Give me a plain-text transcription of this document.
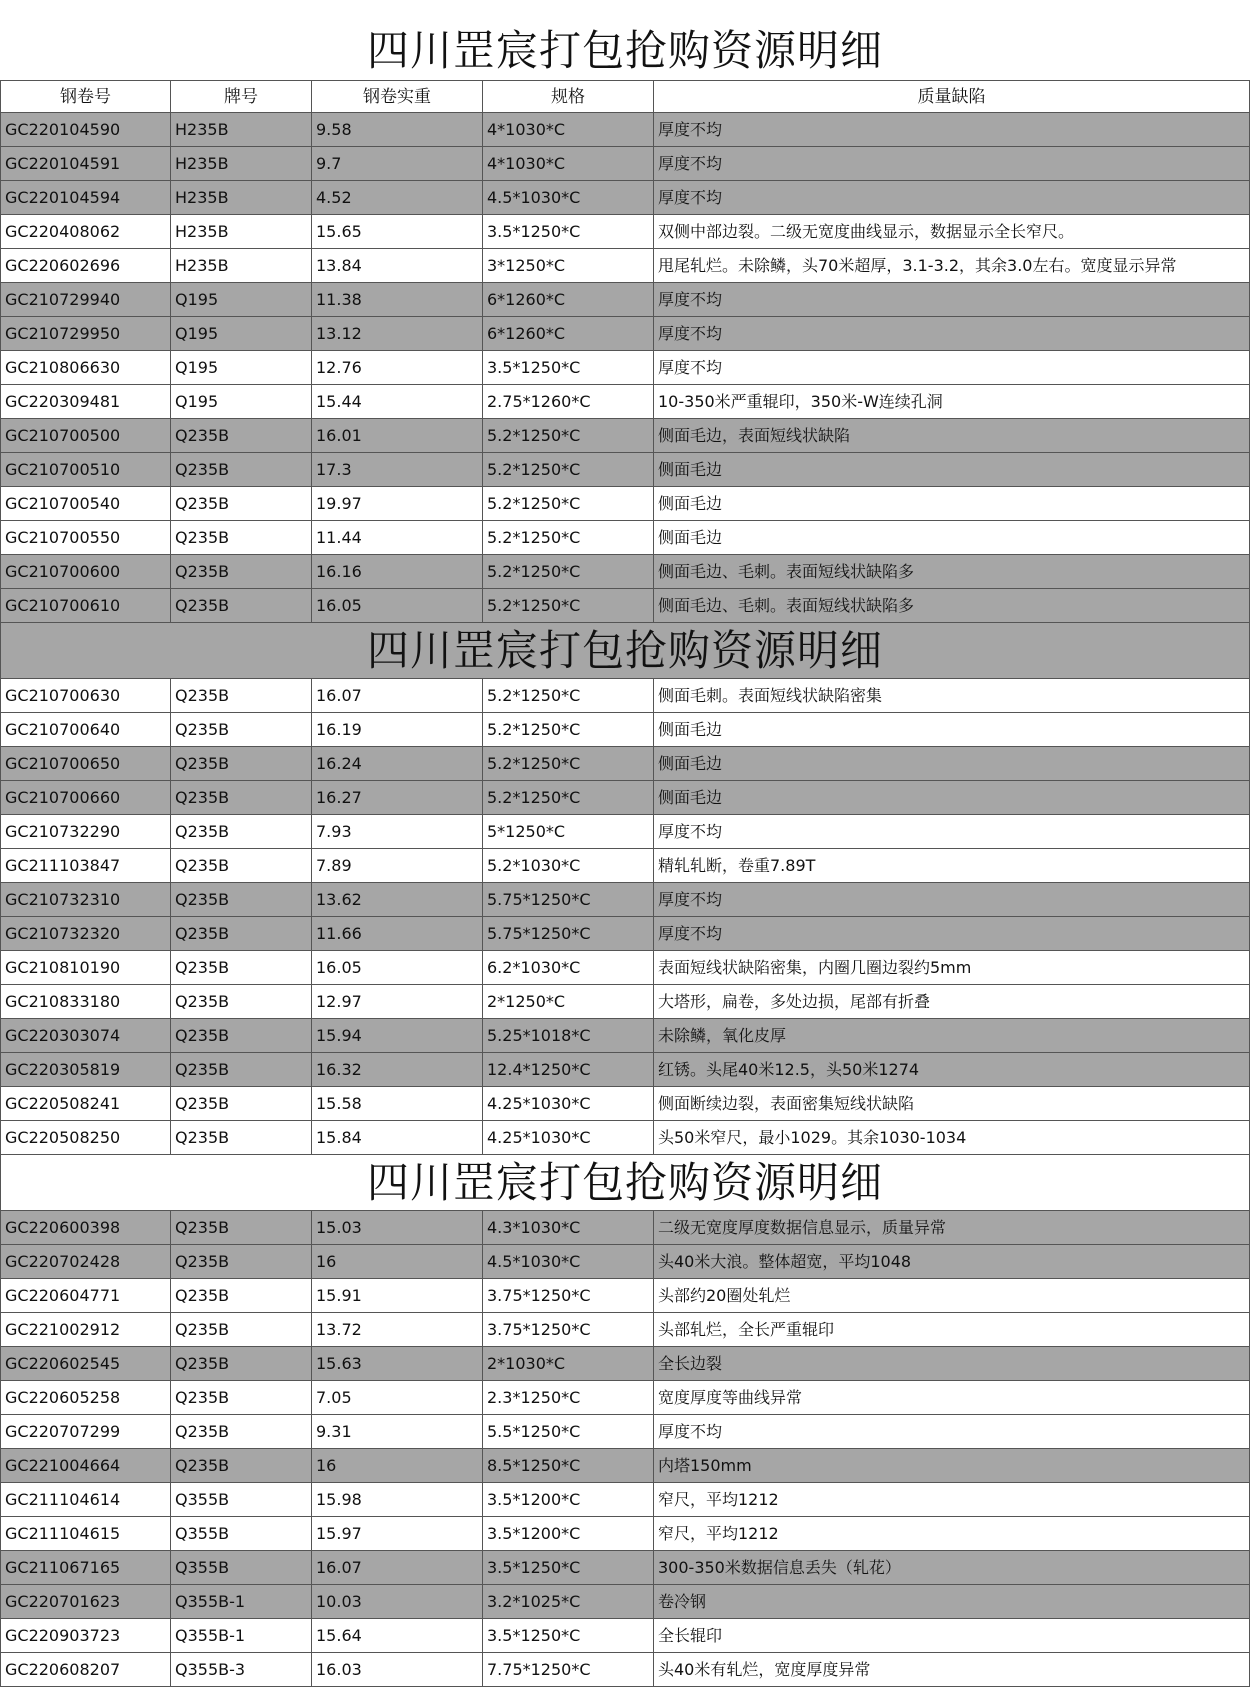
四川罡宸打包抢购资源明细
钢卷号	牌号	钢卷实重	规格	质量缺陷
GC220104590	H235B	9.58	4*1030*C	厚度不均
GC220104591	H235B	9.7	4*1030*C	厚度不均
GC220104594	H235B	4.52	4.5*1030*C	厚度不均
GC220408062	H235B	15.65	3.5*1250*C	双侧中部边裂。二级无宽度曲线显示，数据显示全长窄尺。
GC220602696	H235B	13.84	3*1250*C	甩尾轧烂。未除鳞，头70米超厚，3.1-3.2，其余3.0左右。宽度显示异常
GC210729940	Q195	11.38	6*1260*C	厚度不均
GC210729950	Q195	13.12	6*1260*C	厚度不均
GC210806630	Q195	12.76	3.5*1250*C	厚度不均
GC220309481	Q195	15.44	2.75*1260*C	10-350米严重辊印，350米-W连续孔洞
GC210700500	Q235B	16.01	5.2*1250*C	侧面毛边，表面短线状缺陷
GC210700510	Q235B	17.3	5.2*1250*C	侧面毛边
GC210700540	Q235B	19.97	5.2*1250*C	侧面毛边
GC210700550	Q235B	11.44	5.2*1250*C	侧面毛边
GC210700600	Q235B	16.16	5.2*1250*C	侧面毛边、毛刺。表面短线状缺陷多
GC210700610	Q235B	16.05	5.2*1250*C	侧面毛边、毛刺。表面短线状缺陷多
四川罡宸打包抢购资源明细
GC210700630	Q235B	16.07	5.2*1250*C	侧面毛刺。表面短线状缺陷密集
GC210700640	Q235B	16.19	5.2*1250*C	侧面毛边
GC210700650	Q235B	16.24	5.2*1250*C	侧面毛边
GC210700660	Q235B	16.27	5.2*1250*C	侧面毛边
GC210732290	Q235B	7.93	5*1250*C	厚度不均
GC211103847	Q235B	7.89	5.2*1030*C	精轧轧断，卷重7.89T
GC210732310	Q235B	13.62	5.75*1250*C	厚度不均
GC210732320	Q235B	11.66	5.75*1250*C	厚度不均
GC210810190	Q235B	16.05	6.2*1030*C	表面短线状缺陷密集，内圈几圈边裂约5mm
GC210833180	Q235B	12.97	2*1250*C	大塔形，扁卷，多处边损，尾部有折叠
GC220303074	Q235B	15.94	5.25*1018*C	未除鳞，氧化皮厚
GC220305819	Q235B	16.32	12.4*1250*C	红锈。头尾40米12.5，头50米1274
GC220508241	Q235B	15.58	4.25*1030*C	侧面断续边裂，表面密集短线状缺陷
GC220508250	Q235B	15.84	4.25*1030*C	头50米窄尺，最小1029。其余1030-1034
四川罡宸打包抢购资源明细
GC220600398	Q235B	15.03	4.3*1030*C	二级无宽度厚度数据信息显示，质量异常
GC220702428	Q235B	16	4.5*1030*C	头40米大浪。整体超宽，平均1048
GC220604771	Q235B	15.91	3.75*1250*C	头部约20圈处轧烂
GC221002912	Q235B	13.72	3.75*1250*C	头部轧烂，全长严重辊印
GC220602545	Q235B	15.63	2*1030*C	全长边裂
GC220605258	Q235B	7.05	2.3*1250*C	宽度厚度等曲线异常
GC220707299	Q235B	9.31	5.5*1250*C	厚度不均
GC221004664	Q235B	16	8.5*1250*C	内塔150mm
GC211104614	Q355B	15.98	3.5*1200*C	窄尺，平均1212
GC211104615	Q355B	15.97	3.5*1200*C	窄尺，平均1212
GC211067165	Q355B	16.07	3.5*1250*C	300-350米数据信息丢失（轧花）
GC220701623	Q355B-1	10.03	3.2*1025*C	卷冷钢
GC220903723	Q355B-1	15.64	3.5*1250*C	全长辊印
GC220608207	Q355B-3	16.03	7.75*1250*C	头40米有轧烂，宽度厚度异常
